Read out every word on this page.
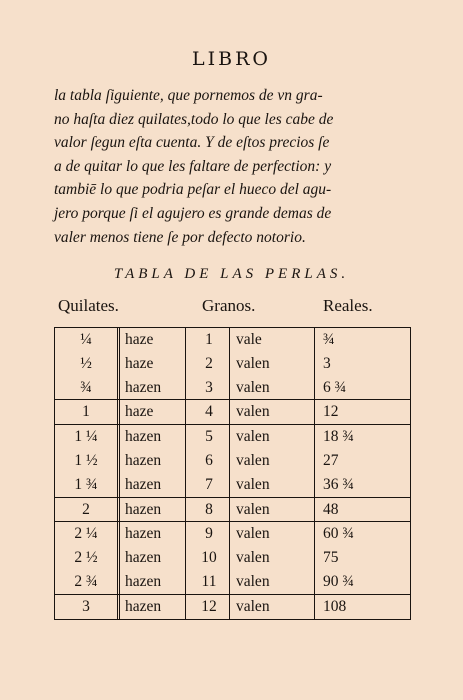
LIBRO
la tabla ſiguiente, que pornemos de vn gra-
no haſta diez quilates,todo lo que les cabe de
valor ſegun eſta cuenta. Y de eſtos precios ſe
a de quitar lo que les faltare de perfection: y
tambiē lo que podria peſar el hueco del agu-
jero porque ſi el agujero es grande demas de
valer menos tiene ſe por defecto notorio.
TABLA DE LAS PERLAS.
Quilates.	Granos.	Reales.
¼	haze	1	vale	¾
½	haze	2	valen	3
¾	hazen	3	valen	6 ¾
1	haze	4	valen	12
1 ¼	hazen	5	valen	18 ¾
1 ½	hazen	6	valen	27
1 ¾	hazen	7	valen	36 ¾
2	hazen	8	valen	48
2 ¼	hazen	9	valen	60 ¾
2 ½	hazen	10	valen	75
2 ¾	hazen	11	valen	90 ¾
3	hazen	12	valen	108
